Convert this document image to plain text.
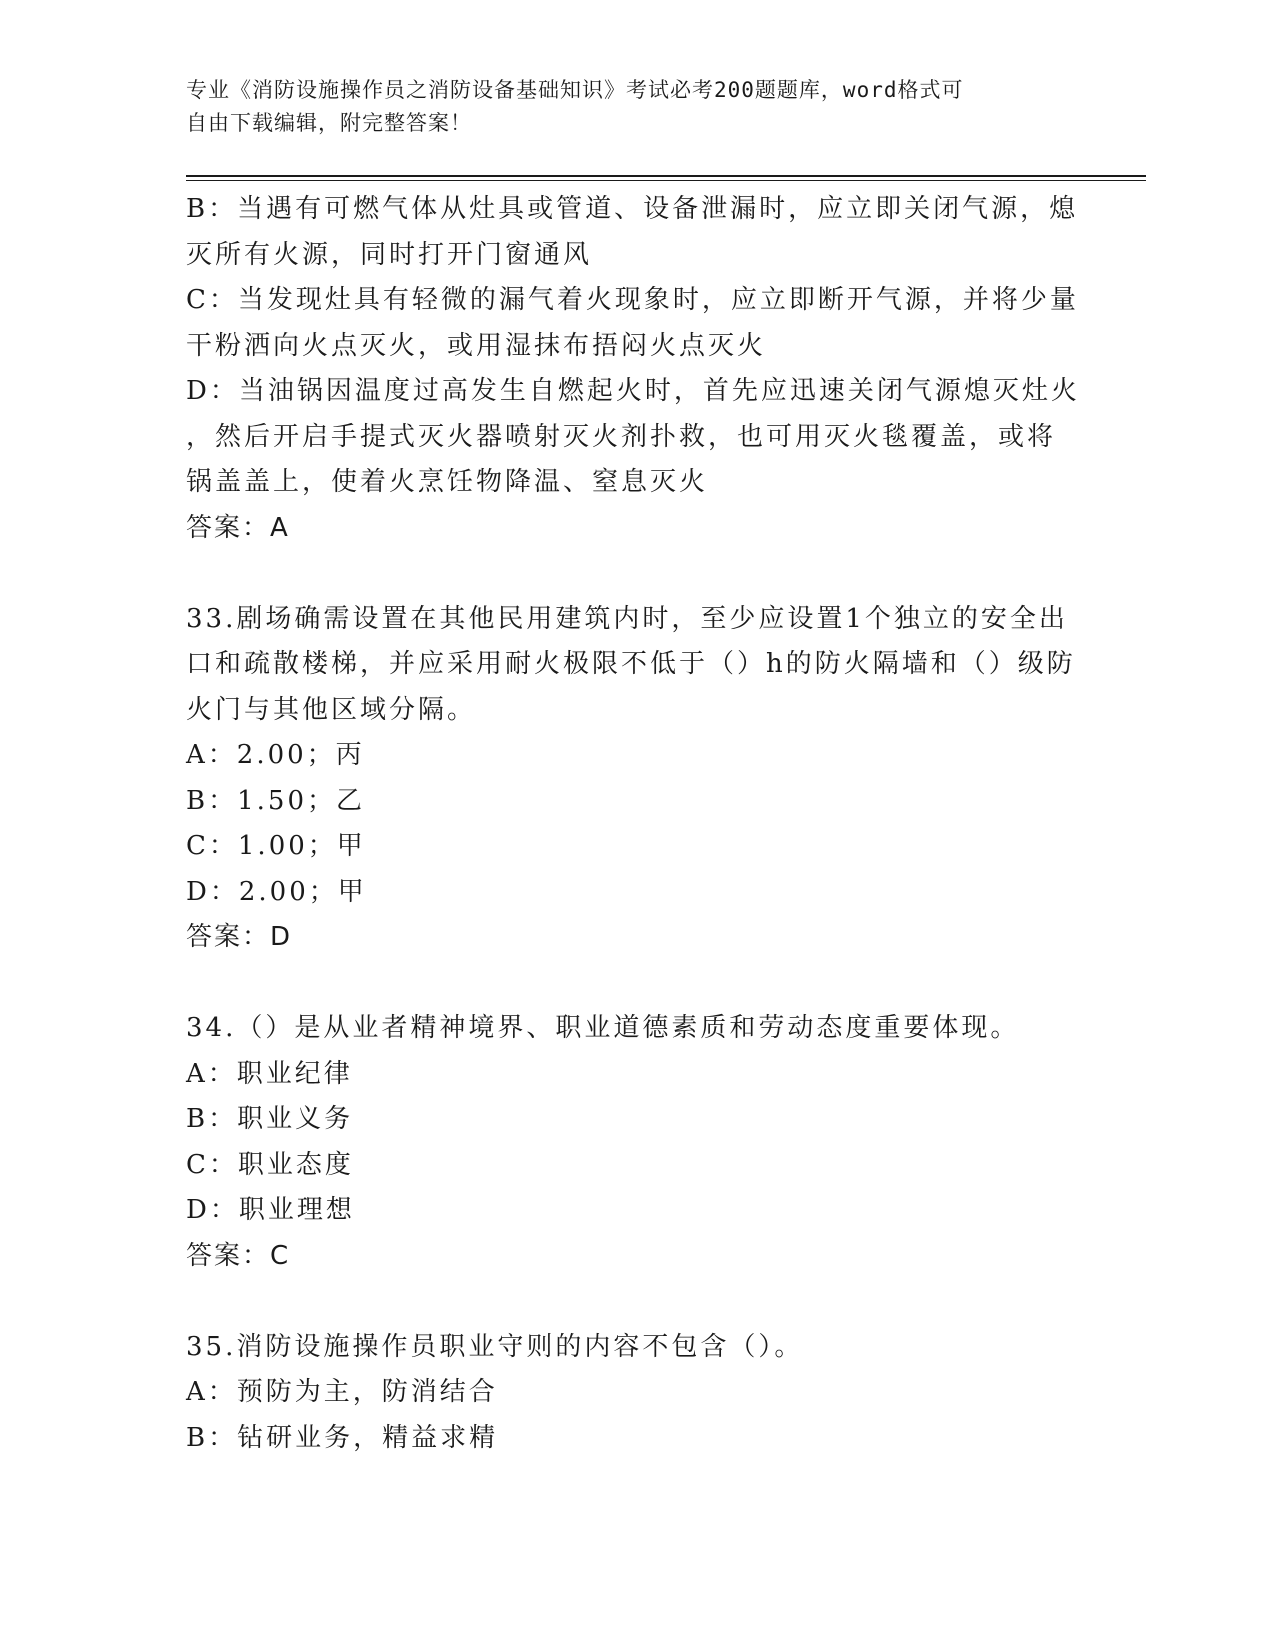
专业《消防设施操作员之消防设备基础知识》考试必考200题题库，word格式可
自由下载编辑，附完整答案！
B：当遇有可燃气体从灶具或管道、设备泄漏时，应立即关闭气源，熄
灭所有火源，同时打开门窗通风
C：当发现灶具有轻微的漏气着火现象时，应立即断开气源，并将少量
干粉洒向火点灭火，或用湿抹布捂闷火点灭火
D：当油锅因温度过高发生自燃起火时，首先应迅速关闭气源熄灭灶火
，然后开启手提式灭火器喷射灭火剂扑救，也可用灭火毯覆盖，或将
锅盖盖上，使着火烹饪物降温、窒息灭火
答案：A
33.剧场确需设置在其他民用建筑内时，至少应设置1个独立的安全出
口和疏散楼梯，并应采用耐火极限不低于（）h的防火隔墙和（）级防
火门与其他区域分隔。
A：2.00；丙
B：1.50；乙
C：1.00；甲
D：2.00；甲
答案：D
34.（）是从业者精神境界、职业道德素质和劳动态度重要体现。
A：职业纪律
B：职业义务
C：职业态度
D：职业理想
答案：C
35.消防设施操作员职业守则的内容不包含（）。
A：预防为主，防消结合
B：钻研业务，精益求精
